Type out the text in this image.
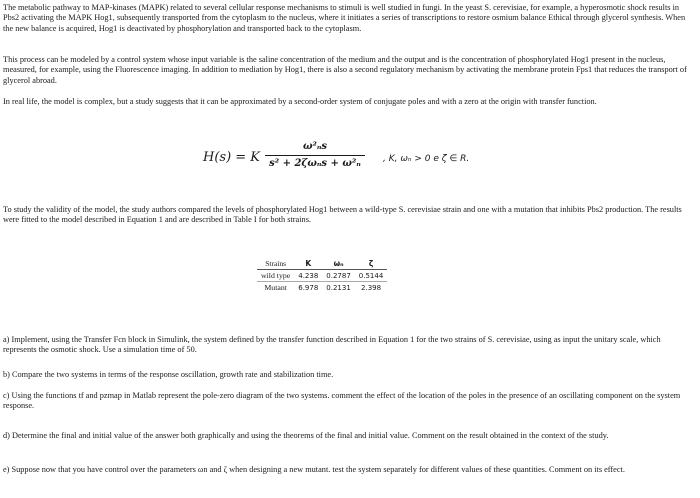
The metabolic pathway to MAP-kinases (MAPK) related to several cellular response mechanisms to stimuli is well studied in fungi. In the yeast S. cerevisiae, for example, a hyperosmotic shock results in Pbs2 activating the MAPK Hog1, subsequently transported from the cytoplasm to the nucleus, where it initiates a series of transcriptions to restore osmium balance Ethical through glycerol synthesis. When the new balance is acquired, Hog1 is deactivated by phosphorylation and transported back to the cytoplasm.

This process can be modeled by a control system whose input variable is the saline concentration of the medium and the output and is the concentration of phosphorylated Hog1 present in the nucleus, measured, for example, using the Fluorescence imaging. In addition to mediation by Hog1, there is also a second regulatory mechanism by activating the membrane protein Fps1 that reduces the transport of glycerol abroad.

In real life, the model is complex, but a study suggests that it can be approximated by a second-order system of conjugate poles and with a zero at the origin with transfer function.

H(s) = K
ω²ₙs
s² + 2ζωₙs + ω²ₙ	, K, ωₙ > 0 e ζ ∈ R.

To study the validity of the model, the study authors compared the levels of phosphorylated Hog1 between a wild-type S. cerevisiae strain and one with a mutation that inhibits Pbs2 production. The results were fitted to the model described in Equation 1 and are described in Table I for both strains.

Strains	K	ωₙ	ζ
wild type	4.238	0.2787	0.5144
Mutant	6.978	0.2131	2.398

a) Implement, using the Transfer Fcn block in Simulink, the system defined by the transfer function described in Equation 1 for the two strains of S. cerevisiae, using as input the unitary scale, which represents the osmotic shock. Use a simulation time of 50.

b) Compare the two systems in terms of the response oscillation, growth rate and stabilization time.

c) Using the functions tf and pzmap in Matlab represent the pole-zero diagram of the two systems. comment the effect of the location of the poles in the presence of an oscillating component on the system response.

d) Determine the final and initial value of the answer both graphically and using the theorems of the final and initial value. Comment on the result obtained in the context of the study.

e) Suppose now that you have control over the parameters ωn and ζ when designing a new mutant. test the system separately for different values of these quantities. Comment on its effect.
